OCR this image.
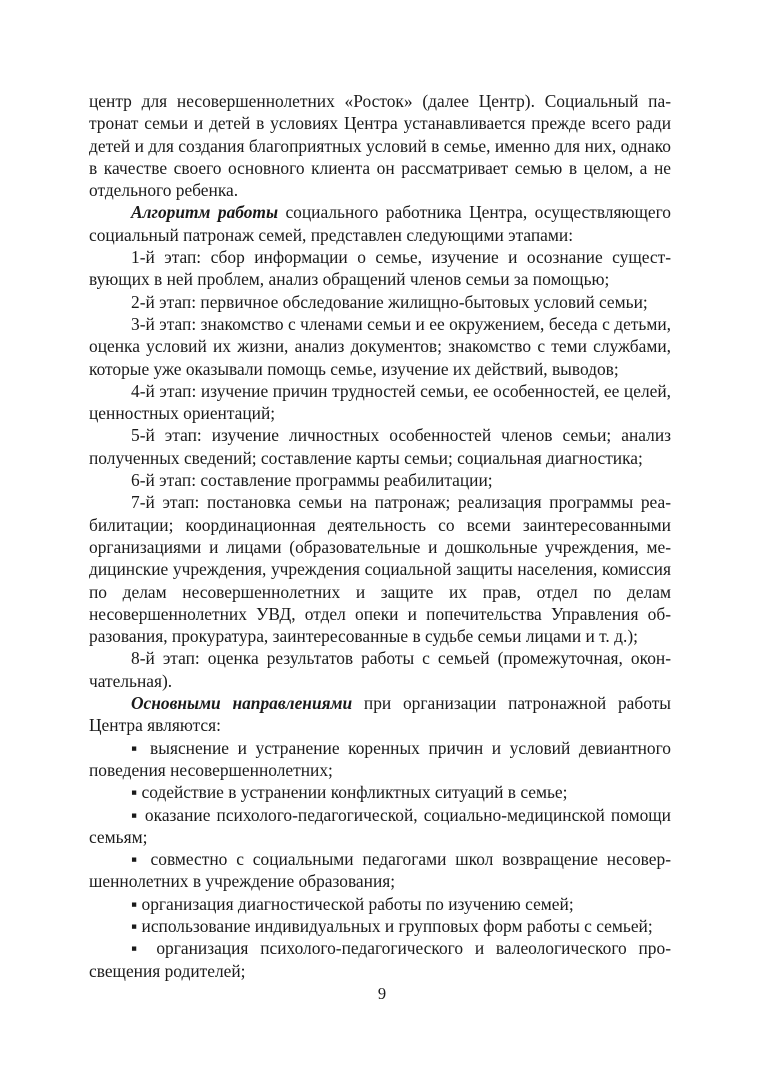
центр для несовершеннолетних «Росток» (далее Центр). Социальный патронат семьи и детей в условиях Центра устанавливается прежде всего ради детей и для создания благоприятных условий в семье, именно для них, однако в качестве своего основного клиента он рассматривает семью в целом, а не отдельного ребенка.

Алгоритм работы социального работника Центра, осуществляющего социальный патронаж семей, представлен следующими этапами:

1-й этап: сбор информации о семье, изучение и осознание существующих в ней проблем, анализ обращений членов семьи за помощью;

2-й этап: первичное обследование жилищно-бытовых условий семьи;

3-й этап: знакомство с членами семьи и ее окружением, беседа с детьми, оценка условий их жизни, анализ документов; знакомство с теми службами, которые уже оказывали помощь семье, изучение их действий, выводов;

4-й этап: изучение причин трудностей семьи, ее особенностей, ее целей, ценностных ориентаций;

5-й этап: изучение личностных особенностей членов семьи; анализ полученных сведений; составление карты семьи; социальная диагностика;

6-й этап: составление программы реабилитации;

7-й этап: постановка семьи на патронаж; реализация программы реабилитации; координационная деятельность со всеми заинтересованными организациями и лицами (образовательные и дошкольные учреждения, медицинские учреждения, учреждения социальной защиты населения, комиссия по делам несовершеннолетних и защите их прав, отдел по делам несовершеннолетних УВД, отдел опеки и попечительства Управления образования, прокуратура, заинтересованные в судьбе семьи лицами и т. д.);

8-й этап: оценка результатов работы с семьей (промежуточная, окончательная).

Основными направлениями при организации патронажной работы Центра являются:

▪ выяснение и устранение коренных причин и условий девиантного поведения несовершеннолетних;

▪ содействие в устранении конфликтных ситуаций в семье;

▪ оказание психолого-педагогической, социально-медицинской помощи семьям;

▪ совместно с социальными педагогами школ возвращение несовершеннолетних в учреждение образования;

▪ организация диагностической работы по изучению семей;

▪ использование индивидуальных и групповых форм работы с семьей;

▪ организация психолого-педагогического и валеологического просвещения родителей;

9
